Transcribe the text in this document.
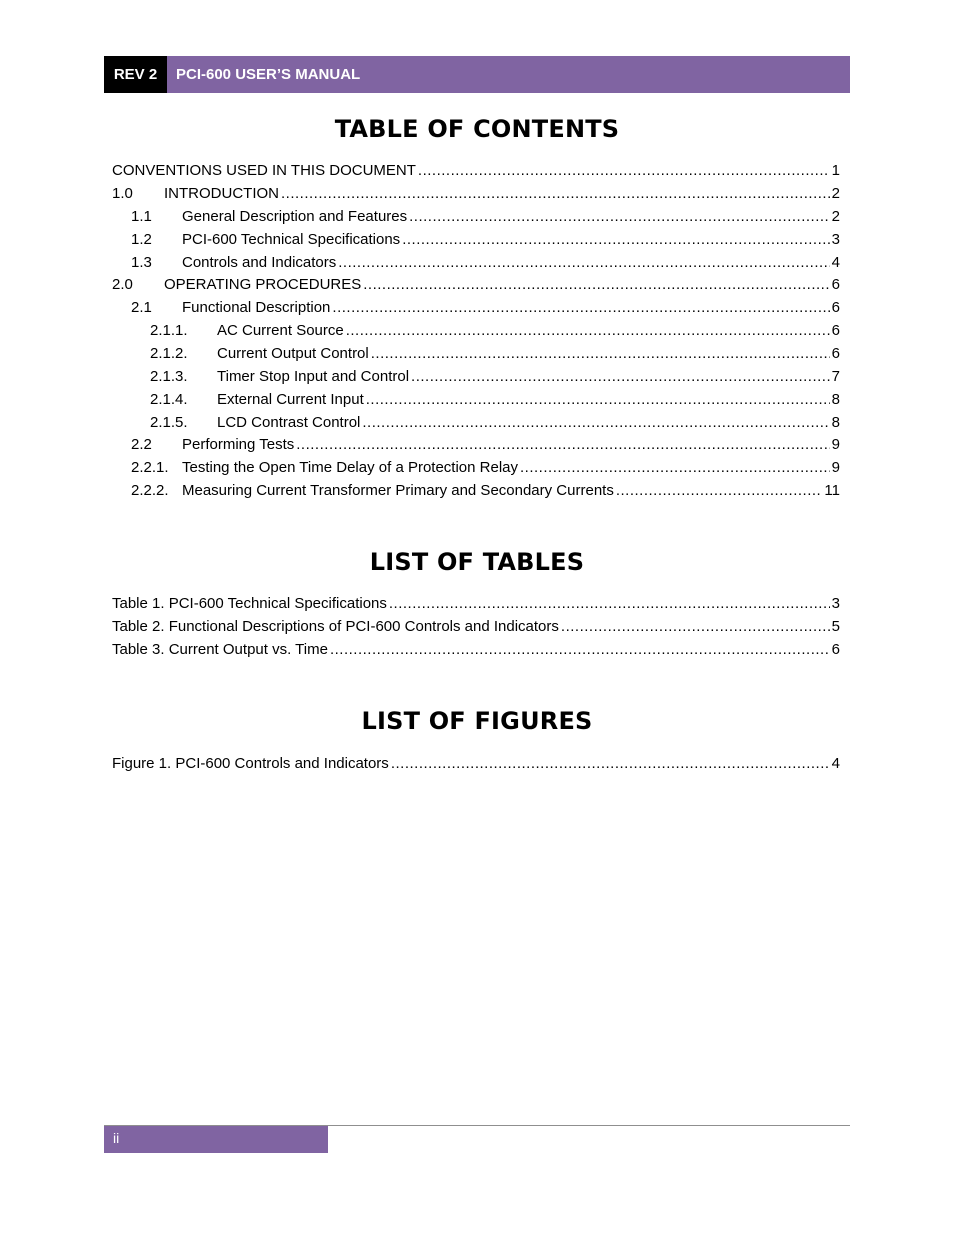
REV 2	PCI-600 USER’S MANUAL
TABLE OF CONTENTS
CONVENTIONS USED IN THIS DOCUMENT .....	1
1.0	INTRODUCTION .....	2
1.1	General Description and Features .....	2
1.2	PCI-600 Technical Specifications .....	3
1.3	Controls and Indicators .....	4
2.0	OPERATING PROCEDURES .....	6
2.1	Functional Description .....	6
2.1.1.	AC Current Source .....	6
2.1.2.	Current Output Control .....	6
2.1.3.	Timer Stop Input and Control .....	7
2.1.4.	External Current Input .....	8
2.1.5.	LCD Contrast Control .....	8
2.2	Performing Tests .....	9
2.2.1. Testing the Open Time Delay of a Protection Relay .....	9
2.2.2. Measuring Current Transformer Primary and Secondary Currents .....	11
LIST OF TABLES
Table 1. PCI-600 Technical Specifications .....	3
Table 2. Functional Descriptions of PCI-600 Controls and Indicators .....	5
Table 3. Current Output vs. Time .....	6
LIST OF FIGURES
Figure 1. PCI-600 Controls and Indicators .....	4
ii
